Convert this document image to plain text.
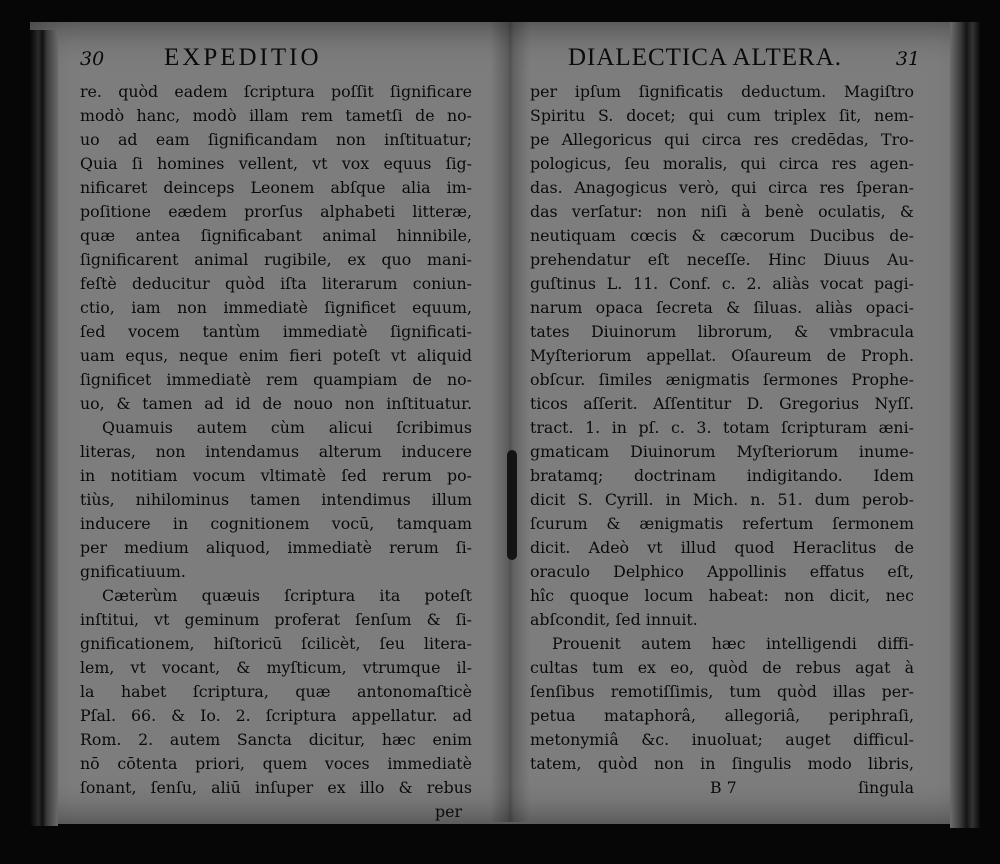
30 EXPEDITIO
re. quòd eadem ſcriptura poſſit ſignificare
modò hanc, modò illam rem tametſi de no-
uo ad eam ſignificandam non inſtituatur;
Quia ſi homines vellent, vt vox equus ſig-
nificaret deinceps Leonem abſque alia im-
poſitione eædem prorſus alphabeti litteræ,
quæ antea ſignificabant animal hinnibile,
ſignificarent animal rugibile, ex quo mani-
feſtè deducitur quòd iſta literarum coniun-
ctio, iam non immediatè ſignificet equum,
ſed vocem tantùm immediatè ſignificati-
uam equs, neque enim fieri poteſt vt aliquid
ſignificet immediatè rem quampiam de no-
uo, & tamen ad id de nouo non inſtituatur.
Quamuis autem cùm alicui ſcribimus
literas, non intendamus alterum inducere
in notitiam vocum vltimatè ſed rerum po-
tiùs, nihilominus tamen intendimus illum
inducere in cognitionem vocū, tamquam
per medium aliquod, immediatè rerum ſi-
gnificatiuum.
Cæterùm quæuis ſcriptura ita poteſt
inſtitui, vt geminum proferat ſenſum & ſi-
gnificationem, hiſtoricū ſcilicèt, ſeu litera-
lem, vt vocant, & myſticum, vtrumque il-
la habet ſcriptura, quæ antonomaſticè
Pſal. 66. & Io. 2. ſcriptura appellatur. ad
Rom. 2. autem Sancta dicitur, hæc enim
nō cōtenta priori, quem voces immediatè
ſonant, ſenſu, aliū inſuper ex illo & rebus
per
DIALECTICA ALTERA.	31
per ipſum ſignificatis deductum. Magiſtro
Spiritu S. docet; qui cum triplex ſit, nem-
pe Allegoricus qui circa res credēdas, Tro-
pologicus, ſeu moralis, qui circa res agen-
das. Anagogicus verò, qui circa res ſperan-
das verſatur: non niſi à benè oculatis, &
neutiquam cœcis & cæcorum Ducibus de-
prehendatur eſt neceſſe. Hinc Diuus Au-
guſtinus L. 11. Conf. c. 2. aliàs vocat pagi-
narum opaca ſecreta & ſiluas. aliàs opaci-
tates Diuinorum librorum, & vmbracula
Myſteriorum appellat. Oſaureum de Proph.
obſcur. ſimiles ænigmatis ſermones Prophe-
ticos aſſerit. Aſſentitur D. Gregorius Nyſſ.
tract. 1. in pſ. c. 3. totam ſcripturam æni-
gmaticam Diuinorum Myſteriorum inume-
bratamq; doctrinam indigitando. Idem
dicit S. Cyrill. in Mich. n. 51. dum perob-
ſcurum & ænigmatis refertum ſermonem
dicit. Adeò vt illud quod Heraclitus de
oraculo Delphico Appollinis effatus eſt,
hîc quoque locum habeat: non dicit, nec
abſcondit, ſed innuit.
Prouenit autem hæc intelligendi diffi-
cultas tum ex eo, quòd de rebus agat à
ſenſibus remotiſſimis, tum quòd illas per-
petua mataphorâ, allegoriâ, periphraſi,
metonymiâ &c. inuoluat; auget difficul-
tatem, quòd non in ſingulis modo libris,
B 7	ſingula
